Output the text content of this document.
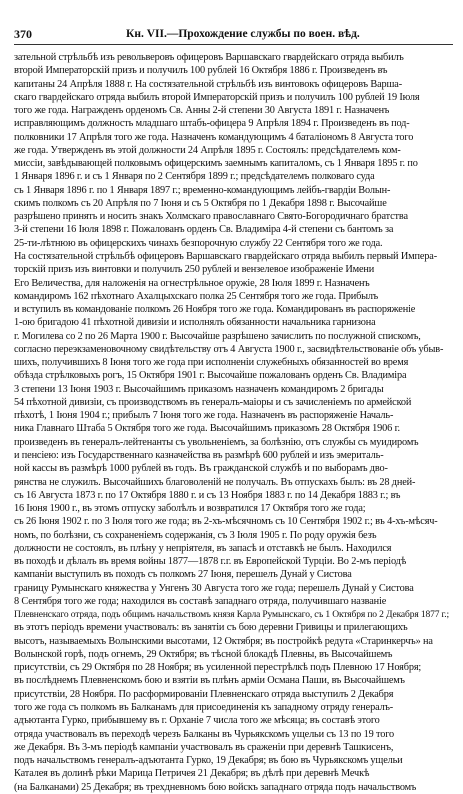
370	Кн. VII.—Прохождение службы по воен. вѣд.
зательной стрѣльбѣ изъ револьверовъ офицеровъ Варшавскаго гвардейскаго отряда выбилъ
второй Императорскій призъ и получилъ 100 рублей 16 Октября 1886 г. Произведенъ въ
капитаны 24 Апрѣля 1888 г. На состязательной стрѣльбѣ изъ винтовокъ офицеровъ Варша-
скаго гвардейскаго отряда выбилъ второй Императорскій призъ и получилъ 100 рублей 19 Іюля
того же года. Награжденъ орденомъ Св. Анны 2-й степени 30 Августа 1891 г. Назначенъ
исправляющимъ должность младшаго штабъ-офицера 9 Апрѣля 1894 г. Произведенъ въ под-
полковники 17 Апрѣля того же года. Назначенъ командующимъ 4 баталіономъ 8 Августа того
же года. Утвержденъ въ этой должности 24 Апрѣля 1895 г. Состоялъ: предсѣдателемъ ком-
миссіи, завѣдывающей полковымъ офицерскимъ заемнымъ капиталомъ, съ 1 Января 1895 г. по
1 Января 1896 г. и съ 1 Января по 2 Сентября 1899 г.; предсѣдателемъ полковаго суда
съ 1 Января 1896 г. по 1 Января 1897 г.; временно-командующимъ лейбъ-гвардіи Волын-
скимъ полкомъ съ 20 Апрѣля по 7 Іюня и съ 5 Октября по 1 Декабря 1898 г. Высочайше
разрѣшено принять и носить знакъ Холмскаго православнаго Свято-Богородичнаго братства
3-й степени 16 Іюля 1898 г. Пожалованъ орденъ Св. Владиміра 4-й степени съ бантомъ за
25-ти-лѣтнюю въ офицерскихъ чинахъ безпорочную службу 22 Сентября того же года.
На состязательной стрѣльбѣ офицеровъ Варшавскаго гвардейскаго отряда выбилъ первый Импера-
торскій призъ изъ винтовки и получилъ 250 рублей и вензелевое изображеніе Имени
Его Величества, для наложенія на огнестрѣльное оружіе, 28 Іюля 1899 г. Назначенъ
командиромъ 162 пѣхотнаго Ахалцыхскаго полка 25 Сентября того же года. Прибылъ
и вступилъ въ командованіе полкомъ 26 Ноября того же года. Командированъ въ распоряженіе
1-ою бригадою 41 пѣхотной дивизіи и исполнялъ обязанности начальника гарнизона
г. Могилева со 2 по 26 Марта 1900 г. Высочайше разрѣшено зачислить по послужной спискомъ,
согласно переэкзаменовочному свидѣтельству отъ 4 Августа 1900 г., засвидѣтельствованіе объ убыв-
шихъ, получившихъ 8 Іюня того же года при исполненіи служебныхъ обязанностей во время
обѣзда стрѣлковыхъ рогъ, 15 Октября 1901 г. Высочайше пожалованъ орденъ Св. Владиміра
3 степени 13 Іюня 1903 г. Высочайшимъ приказомъ назначенъ командиромъ 2 бригады
54 пѣхотной дивизіи, съ производствомъ въ генералъ-маіоры и съ зачисленіемъ по армейской
пѣхотѣ, 1 Іюня 1904 г.; прибылъ 7 Іюня того же года. Назначенъ въ распоряженіе Началь-
ника Главнаго Штаба 5 Октября того же года. Высочайшимъ приказомъ 28 Октября 1906 г.
произведенъ въ генералъ-лейтенанты съ увольненіемъ, за болѣзнію, отъ службы съ муидиромъ
и пенсіею: изъ Государственнаго казначейства въ размѣрѣ 600 рублей и изъ эмериталь-
ной кассы въ размѣрѣ 1000 рублей въ годъ. Въ гражданской службѣ и по выборамъ дво-
рянства не служилъ. Высочайшихъ благоволеній не получалъ. Въ отпускахъ былъ: въ 28 дней-
съ 16 Августа 1873 г. по 17 Октября 1880 г. и съ 13 Ноября 1883 г. по 14 Декабря 1883 г.; въ
16 Іюня 1900 г., въ этомъ отпуску заболѣлъ и возвратился 17 Октября того же года;
съ 26 Іюня 1902 г. по 3 Іюля того же года; въ 2-хъ-мѣсячномъ съ 10 Сентября 1902 г.; въ 4-хъ-мѣсяч-
номъ, по болѣзни, съ сохраненіемъ содержанія, съ 3 Іюля 1905 г. По роду оружія безъ
должности не состоялъ, въ плѣну у непріятеля, въ запасѣ и отставкѣ не былъ. Находился
въ походѣ и дѣлалъ въ время войны 1877—1878 г.г. въ Европейской Турціи. Во 2-мъ періодѣ
кампаніи выступилъ въ походъ съ полкомъ 27 Іюня, перешелъ Дунай у Систова
границу Румынскаго княжества у Унгенъ 30 Августа того же года; перешелъ Дунай у Систова
8 Сентября того же года; находился въ составѣ западнаго отряда, получившаго названіе
Плевненскаго отряда, подъ общимъ начальствомъ князя Карла Румынскаго, съ 1 Октября по 2 Декабря 1877 г.;
въ этотъ періодъ времени участвовалъ: въ занятіи съ бою деревни Гривицы и прилегающихъ
высотъ, называемыхъ Волынскими высотами, 12 Октября; въ постройкѣ редута «Старинкерчъ» на
Волынской горѣ, подъ огнемъ, 29 Октября; въ тѣсной блокадѣ Плевны, въ Высочайшемъ
присутствіи, съ 29 Октября по 28 Ноября; въ усиленной перестрѣлкѣ подъ Плевною 17 Ноября;
въ послѣднемъ Плевненскомъ бою и взятіи въ плѣнъ арміи Османа Паши, въ Высочайшемъ
присутствіи, 28 Ноября. По расформированіи Плевненскаго отряда выступилъ 2 Декабря
того же года съ полкомъ въ Балканамъ для присоединенія къ западному отряду генералъ-
адъютанта Гурко, прибывшему въ г. Орханіе 7 числа того же мѣсяца; въ составѣ этого
отряда участвовалъ въ переходѣ черезъ Балканы въ Чурьякскомъ ущельи съ 13 по 19 того
же Декабря. Въ 3-мъ періодѣ кампаніи участвовалъ въ сраженіи при деревнѣ Ташкисенъ,
подъ начальствомъ генералъ-адъютанта Гурко, 19 Декабря; въ бою въ Чурьякскомъ ущельи
Каталея въ долинѣ рѣки Марица Петричея 21 Декабря; въ дѣлѣ при деревнѣ Мечкѣ
(на Балканами) 25 Декабря; въ трехдневномъ бою войскъ западнаго отряда подъ начальствомъ
